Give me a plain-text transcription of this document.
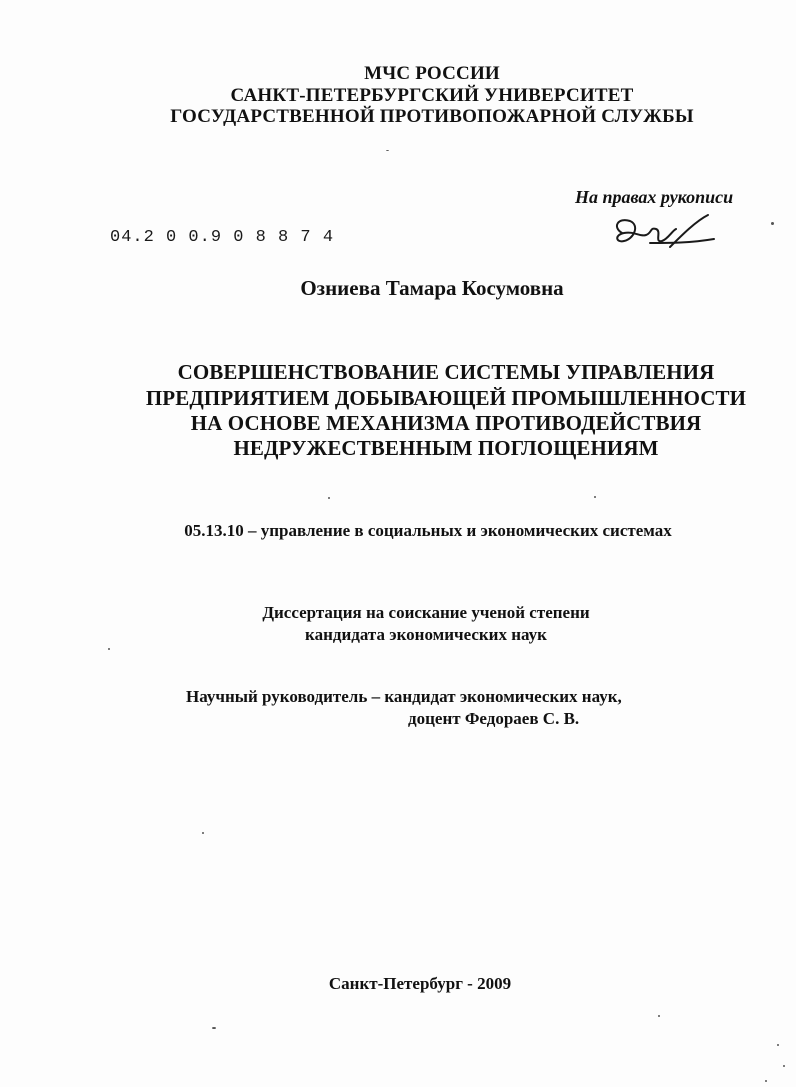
МЧС РОССИИ
САНКТ-ПЕТЕРБУРГСКИЙ УНИВЕРСИТЕТ
ГОСУДАРСТВЕННОЙ ПРОТИВОПОЖАРНОЙ СЛУЖБЫ
На правах рукописи
04.2 0 0.9 0 8 8 7 4
Озниева Тамара Косумовна
СОВЕРШЕНСТВОВАНИЕ СИСТЕМЫ УПРАВЛЕНИЯ
ПРЕДПРИЯТИЕМ ДОБЫВАЮЩЕЙ ПРОМЫШЛЕННОСТИ
НА ОСНОВЕ МЕХАНИЗМА ПРОТИВОДЕЙСТВИЯ
НЕДРУЖЕСТВЕННЫМ ПОГЛОЩЕНИЯМ
05.13.10 – управление в социальных и экономических системах
Диссертация на соискание ученой степени
кандидата экономических наук
Научный руководитель – кандидат экономических наук,
доцент Федораев С. В.
Санкт-Петербург - 2009
